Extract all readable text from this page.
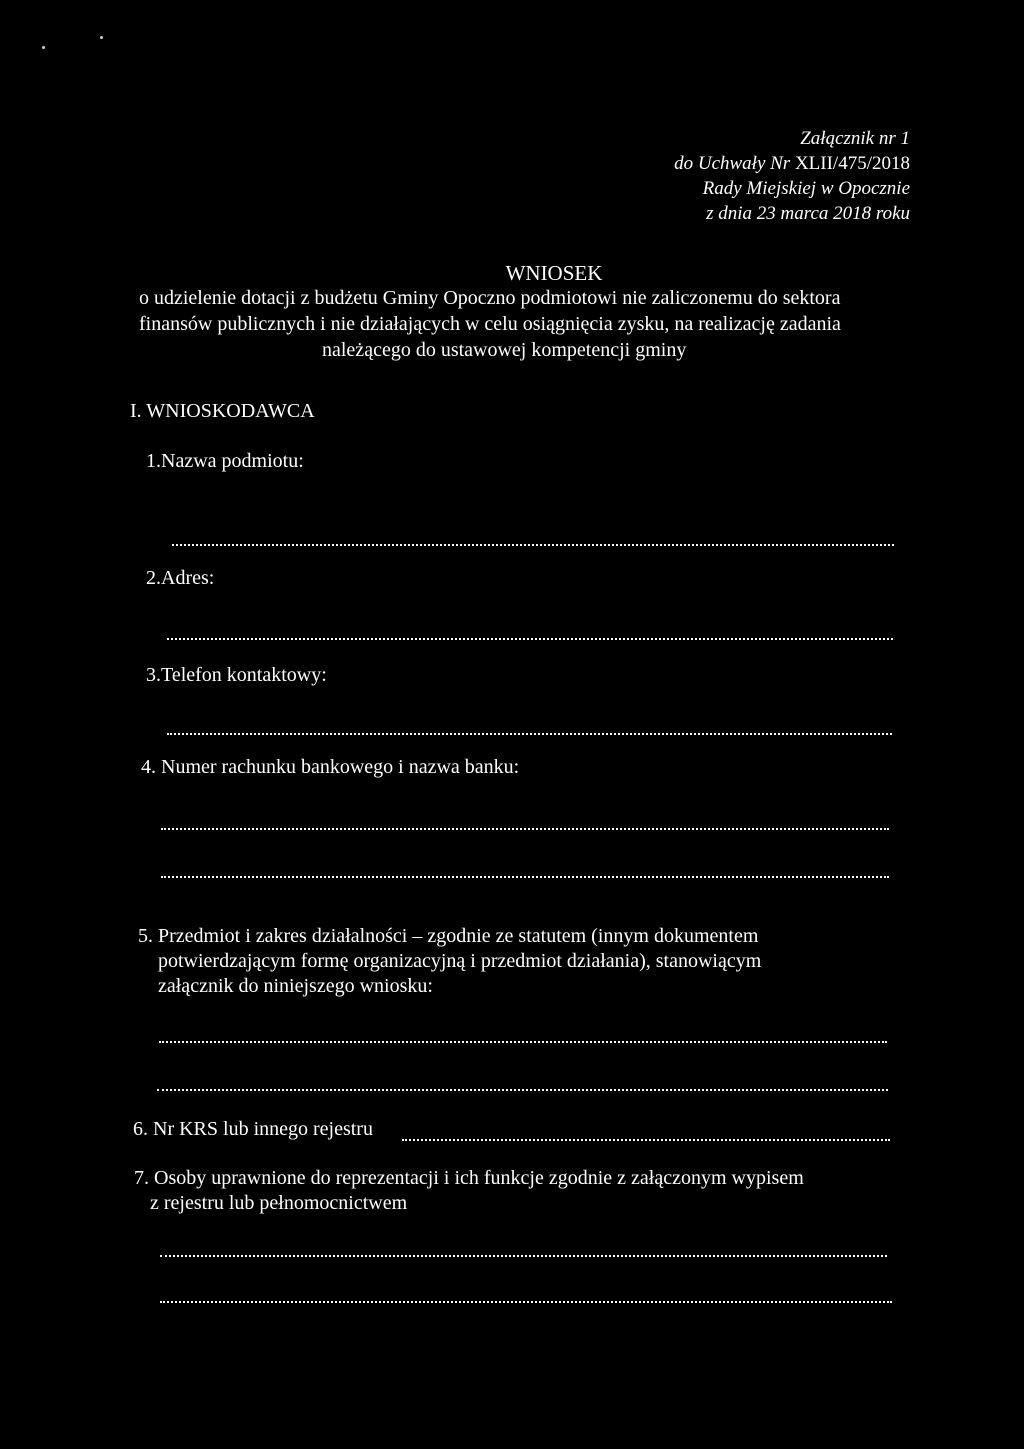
Załącznik nr 1
do Uchwały Nr XLII/475/2018
Rady Miejskiej w Opocznie
z dnia 23 marca 2018 roku
WNIOSEK
o udzielenie dotacji z budżetu Gminy Opoczno podmiotowi nie zaliczonemu do sektora
finansów publicznych i nie działających w celu osiągnięcia zysku, na realizację zadania
należącego do ustawowej kompetencji gminy
I. WNIOSKODAWCA
1.Nazwa podmiotu:
2.Adres:
3.Telefon kontaktowy:
4. Numer rachunku bankowego i nazwa banku:
5. Przedmiot i zakres działalności – zgodnie ze statutem (innym dokumentem
potwierdzającym formę organizacyjną i przedmiot działania), stanowiącym
załącznik do niniejszego wniosku:
6. Nr KRS lub innego rejestru
7. Osoby uprawnione do reprezentacji i ich funkcje zgodnie z załączonym wypisem
z rejestru lub pełnomocnictwem
